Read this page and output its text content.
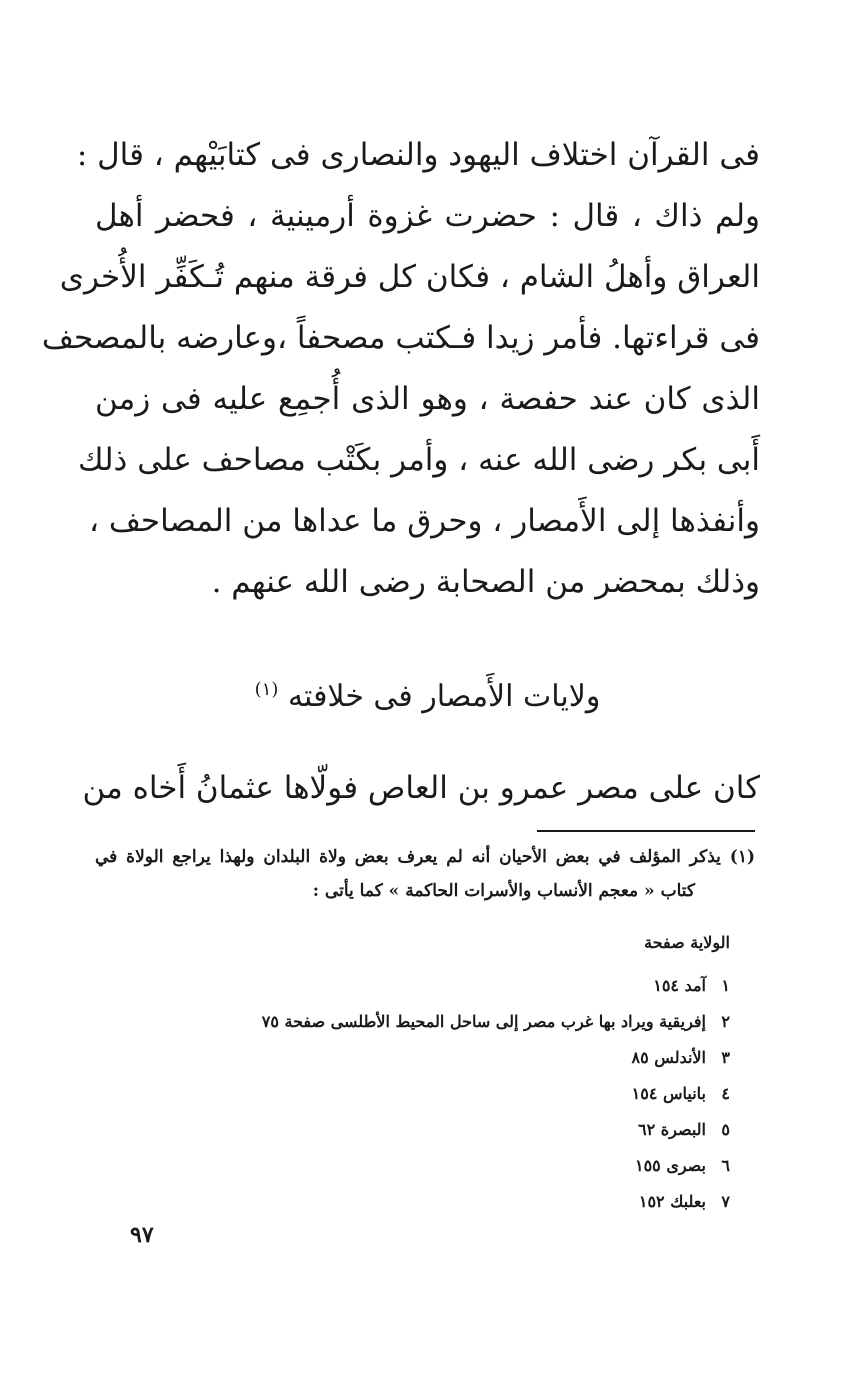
فى القرآن اختلاف اليهود والنصارى فى كتابَيْهم ، قال :
ولم ذاك ، قال : حضرت غزوة أرمينية ، فحضر أهل
العراق وأهلُ الشام ، فكان كل فرقة منهم تُـكَفِّر الأُخرى
فى قراءتها. فأمر زيدا فـكتب مصحفاً ،وعارضه بالمصحف
الذى كان عند حفصة ، وهو الذى أُجمِع عليه فى زمن
أَبى بكر رضى الله عنه ، وأمر بكَتْب مصاحف على ذلك
وأنفذها إلى الأَمصار ، وحرق ما عداها من المصاحف ،
وذلك بمحضر من الصحابة رضى الله عنهم .
ولايات الأَمصار فى خلافته $^{(١)}$
كان على مصر عمرو بن العاص فولّاها عثمانُ أَخاه من
(١) يذكر المؤلف في بعض الأحيان أنه لم يعرف بعض ولاة البلدان ولهذا يراجع الولاة في
كتاب « معجم الأنساب والأسرات الحاكمة » كما يأتى :
الولاية صفحة
١آمد ١٥٤
٢إفريقية ويراد بها غرب مصر إلى ساحل المحيط الأطلسى صفحة ٧٥
٣الأندلس ٨٥
٤بانياس ١٥٤
٥البصرة ٦٢
٦بصرى ١٥٥
٧بعلبك ١٥٢
٩٧
